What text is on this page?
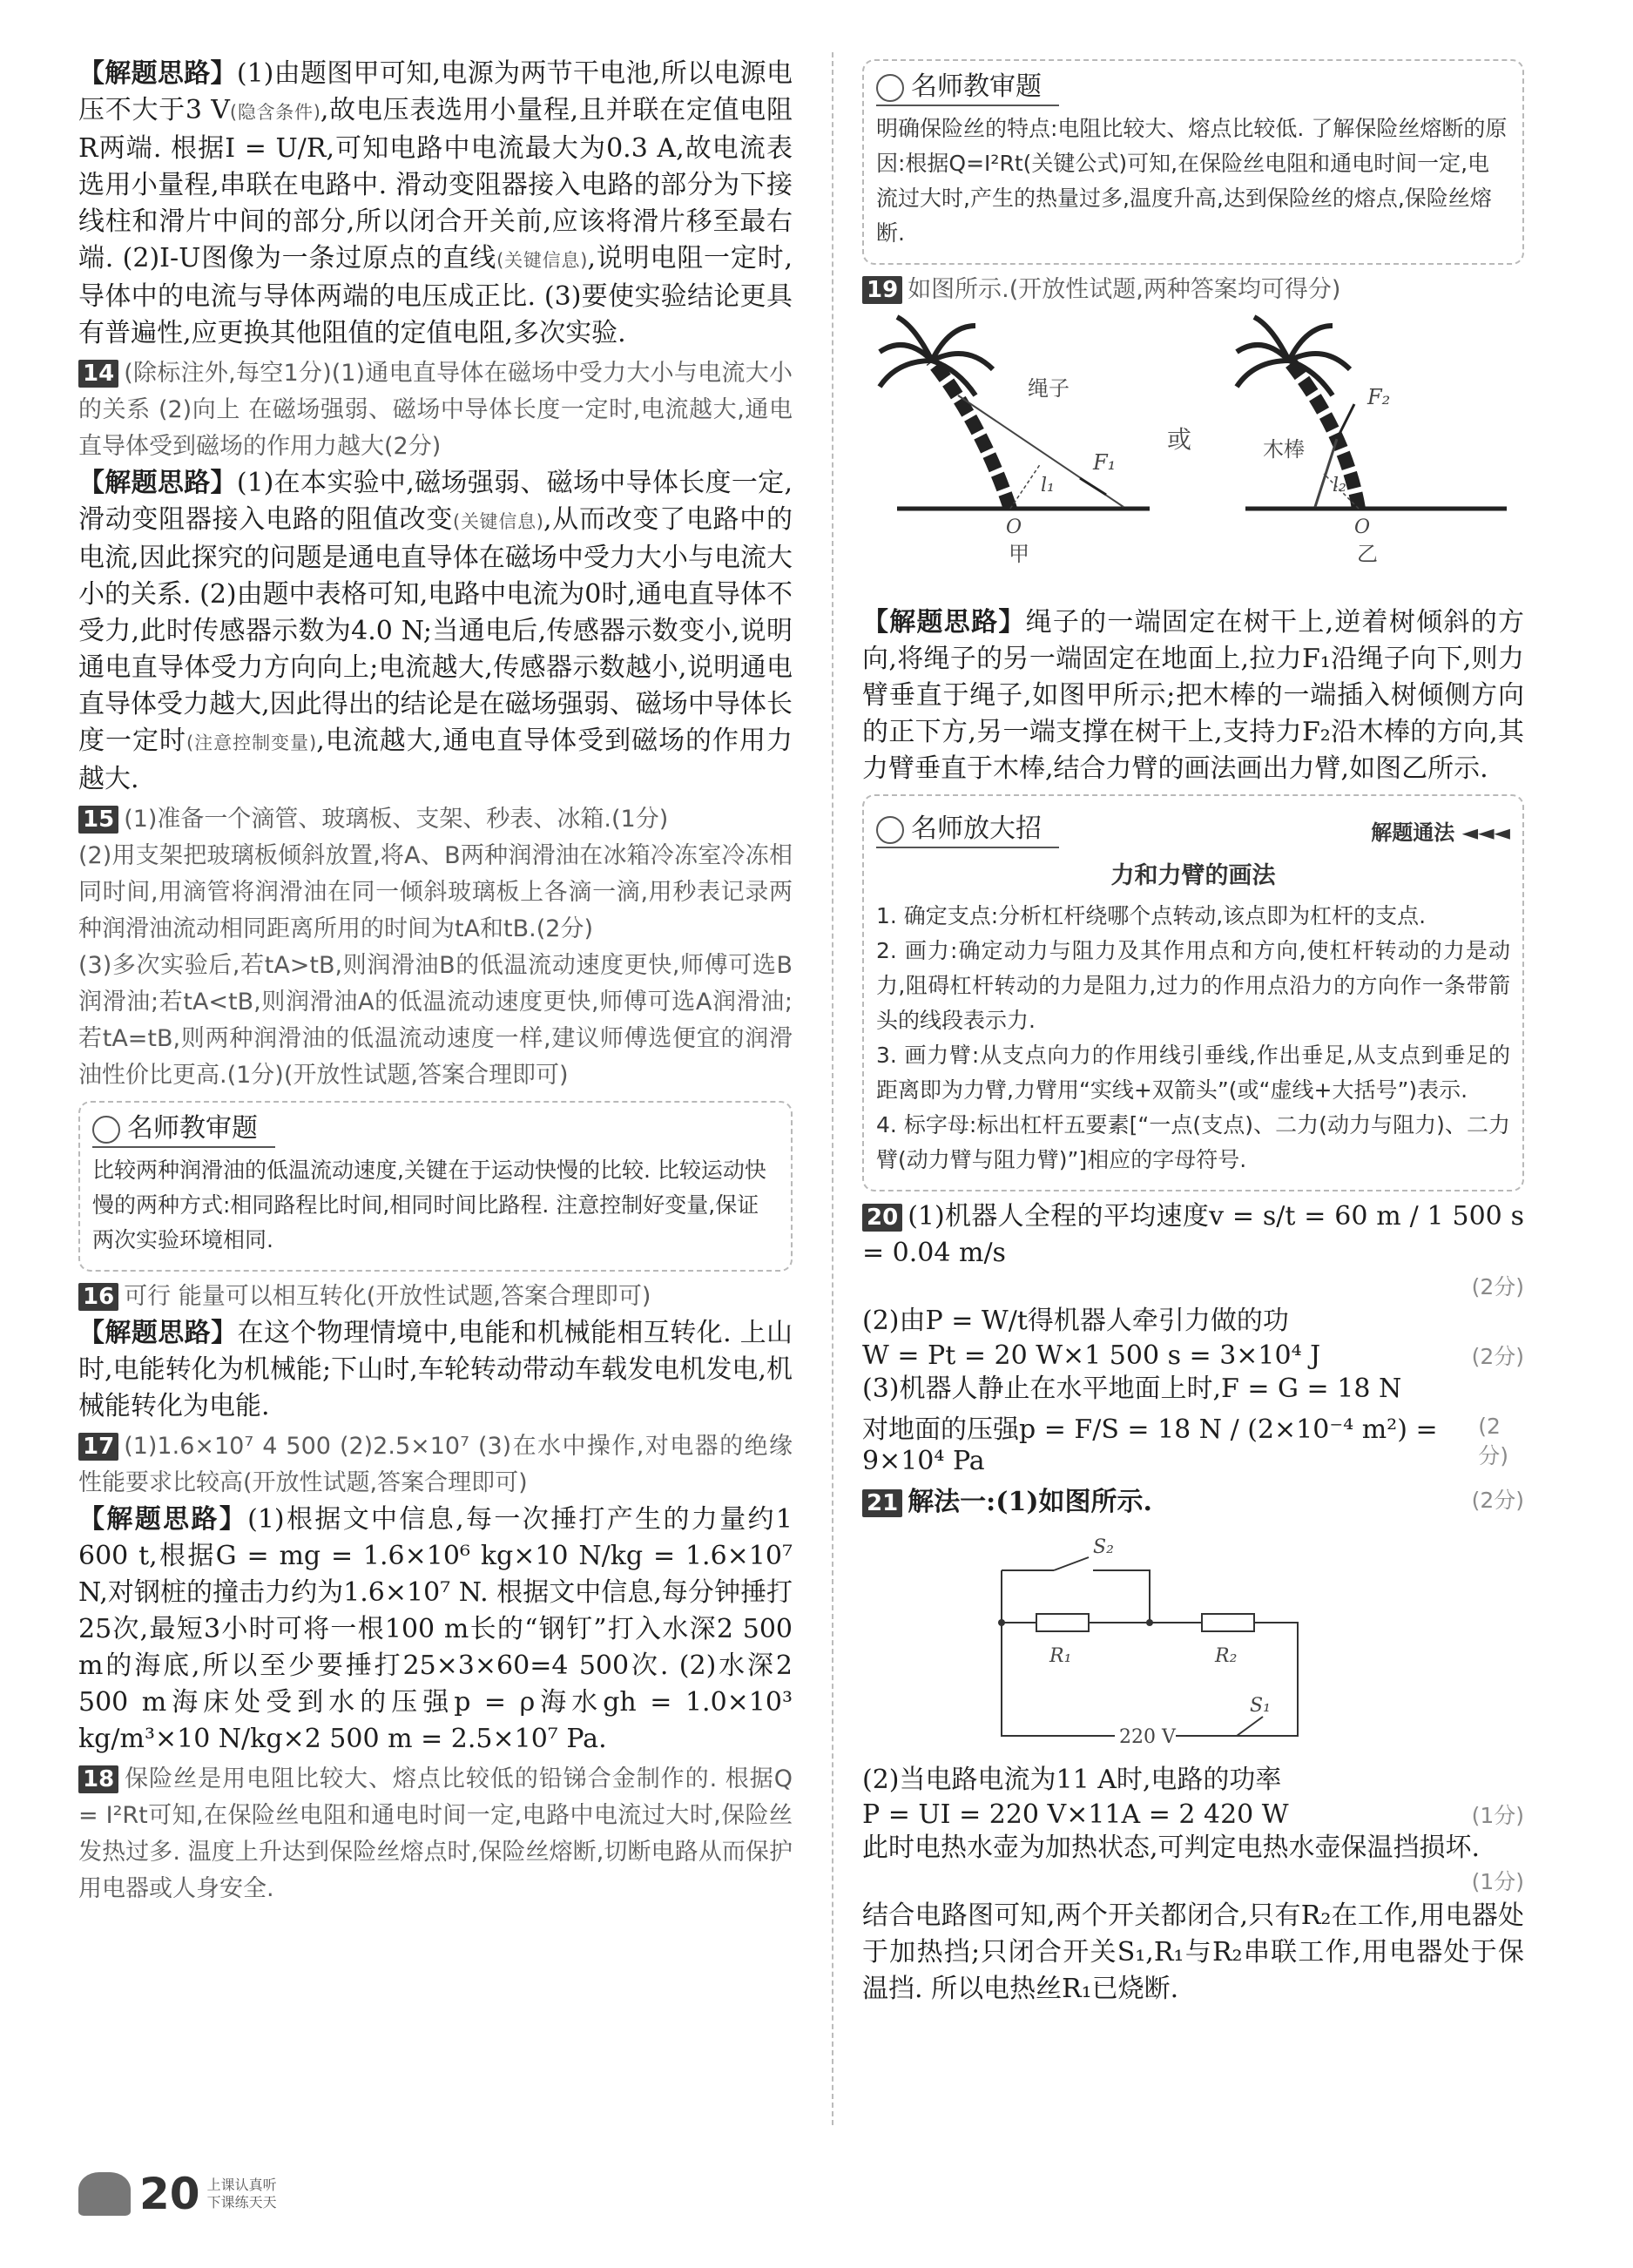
【解题思路】(1)由题图甲可知,电源为两节干电池,所以电源电压不大于3 V(隐含条件),故电压表选用小量程,且并联在定值电阻R两端. 根据I = U/R,可知电路中电流最大为0.3 A,故电流表选用小量程,串联在电路中. 滑动变阻器接入电路的部分为下接线柱和滑片中间的部分,所以闭合开关前,应该将滑片移至最右端. (2)I-U图像为一条过原点的直线(关键信息),说明电阻一定时,导体中的电流与导体两端的电压成正比. (3)要使实验结论更具有普遍性,应更换其他阻值的定值电阻,多次实验.

14 (除标注外,每空1分)(1)通电直导体在磁场中受力大小与电流大小的关系 (2)向上 在磁场强弱、磁场中导体长度一定时,电流越大,通电直导体受到磁场的作用力越大(2分)

【解题思路】(1)在本实验中,磁场强弱、磁场中导体长度一定,滑动变阻器接入电路的阻值改变(关键信息),从而改变了电路中的电流,因此探究的问题是通电直导体在磁场中受力大小与电流大小的关系. (2)由题中表格可知,电路中电流为0时,通电直导体不受力,此时传感器示数为4.0 N;当通电后,传感器示数变小,说明通电直导体受力方向向上;电流越大,传感器示数越小,说明通电直导体受力越大,因此得出的结论是在磁场强弱、磁场中导体长度一定时(注意控制变量),电流越大,通电直导体受到磁场的作用力越大.

15 (1)准备一个滴管、玻璃板、支架、秒表、冰箱.(1分)

(2)用支架把玻璃板倾斜放置,将A、B两种润滑油在冰箱冷冻室冷冻相同时间,用滴管将润滑油在同一倾斜玻璃板上各滴一滴,用秒表记录两种润滑油流动相同距离所用的时间为tA和tB.(2分)

(3)多次实验后,若tA>tB,则润滑油B的低温流动速度更快,师傅可选B润滑油;若tA<tB,则润滑油A的低温流动速度更快,师傅可选A润滑油;若tA=tB,则两种润滑油的低温流动速度一样,建议师傅选便宜的润滑油性价比更高.(1分)(开放性试题,答案合理即可)

名师教审题
比较两种润滑油的低温流动速度,关键在于运动快慢的比较. 比较运动快慢的两种方式:相同路程比时间,相同时间比路程. 注意控制好变量,保证两次实验环境相同.

16 可行 能量可以相互转化(开放性试题,答案合理即可)

【解题思路】在这个物理情境中,电能和机械能相互转化. 上山时,电能转化为机械能;下山时,车轮转动带动车载发电机发电,机械能转化为电能.

17 (1)1.6×10⁷ 4 500 (2)2.5×10⁷ (3)在水中操作,对电器的绝缘性能要求比较高(开放性试题,答案合理即可)

【解题思路】(1)根据文中信息,每一次捶打产生的力量约1 600 t,根据G = mg = 1.6×10⁶ kg×10 N/kg = 1.6×10⁷ N,对钢桩的撞击力约为1.6×10⁷ N. 根据文中信息,每分钟捶打25次,最短3小时可将一根100 m长的“钢钉”打入水深2 500 m的海底,所以至少要捶打25×3×60=4 500次. (2)水深2 500 m海床处受到水的压强p = ρ海水gh = 1.0×10³ kg/m³×10 N/kg×2 500 m = 2.5×10⁷ Pa.

18 保险丝是用电阻比较大、熔点比较低的铅锑合金制作的. 根据Q = I²Rt可知,在保险丝电阻和通电时间一定,电路中电流过大时,保险丝发热过多. 温度上升达到保险丝熔点时,保险丝熔断,切断电路从而保护用电器或人身安全.

名师教审题
明确保险丝的特点:电阻比较大、熔点比较低. 了解保险丝熔断的原因:根据Q=I²Rt(关键公式)可知,在保险丝电阻和通电时间一定,电流过大时,产生的热量过多,温度升高,达到保险丝的熔点,保险丝熔断.

19 如图所示.(开放性试题,两种答案均可得分)

绳子
F₁
l₁
O
甲
或	木棒
F₂
l₂
O
乙

【解题思路】绳子的一端固定在树干上,逆着树倾斜的方向,将绳子的另一端固定在地面上,拉力F₁沿绳子向下,则力臂垂直于绳子,如图甲所示;把木棒的一端插入树倾侧方向的正下方,另一端支撑在树干上,支持力F₂沿木棒的方向,其力臂垂直于木棒,结合力臂的画法画出力臂,如图乙所示.

名师放大招	解题通法 ◄◄◄
力和力臂的画法

1. 确定支点:分析杠杆绕哪个点转动,该点即为杠杆的支点.

2. 画力:确定动力与阻力及其作用点和方向,使杠杆转动的力是动力,阻碍杠杆转动的力是阻力,过力的作用点沿力的方向作一条带箭头的线段表示力.

3. 画力臂:从支点向力的作用线引垂线,作出垂足,从支点到垂足的距离即为力臂,力臂用“实线+双箭头”(或“虚线+大括号”)表示.

4. 标字母:标出杠杆五要素[“一点(支点)、二力(动力与阻力)、二力臂(动力臂与阻力臂)”]相应的字母符号.

20 (1)机器人全程的平均速度v = s/t = 60 m / 1 500 s = 0.04 m/s

(2分)

(2)由P = W/t得机器人牵引力做的功

W = Pt = 20 W×1 500 s = 3×10⁴ J	(2分)

(3)机器人静止在水平地面上时,F = G = 18 N

对地面的压强p = F/S = 18 N / (2×10⁻⁴ m²) = 9×10⁴ Pa
(2分)
21 解法一:(1)如图所示.	(2分)
S₂
R₁	R₂
S₁
220 V

(2)当电路电流为11 A时,电路的功率

P = UI = 220 V×11A = 2 420 W	(1分)

此时电热水壶为加热状态,可判定电热水壶保温挡损坏.

(1分)

结合电路图可知,两个开关都闭合,只有R₂在工作,用电器处于加热挡;只闭合开关S₁,R₁与R₂串联工作,用电器处于保温挡. 所以电热丝R₁已烧断.

20 上课认真听
下课练天天
